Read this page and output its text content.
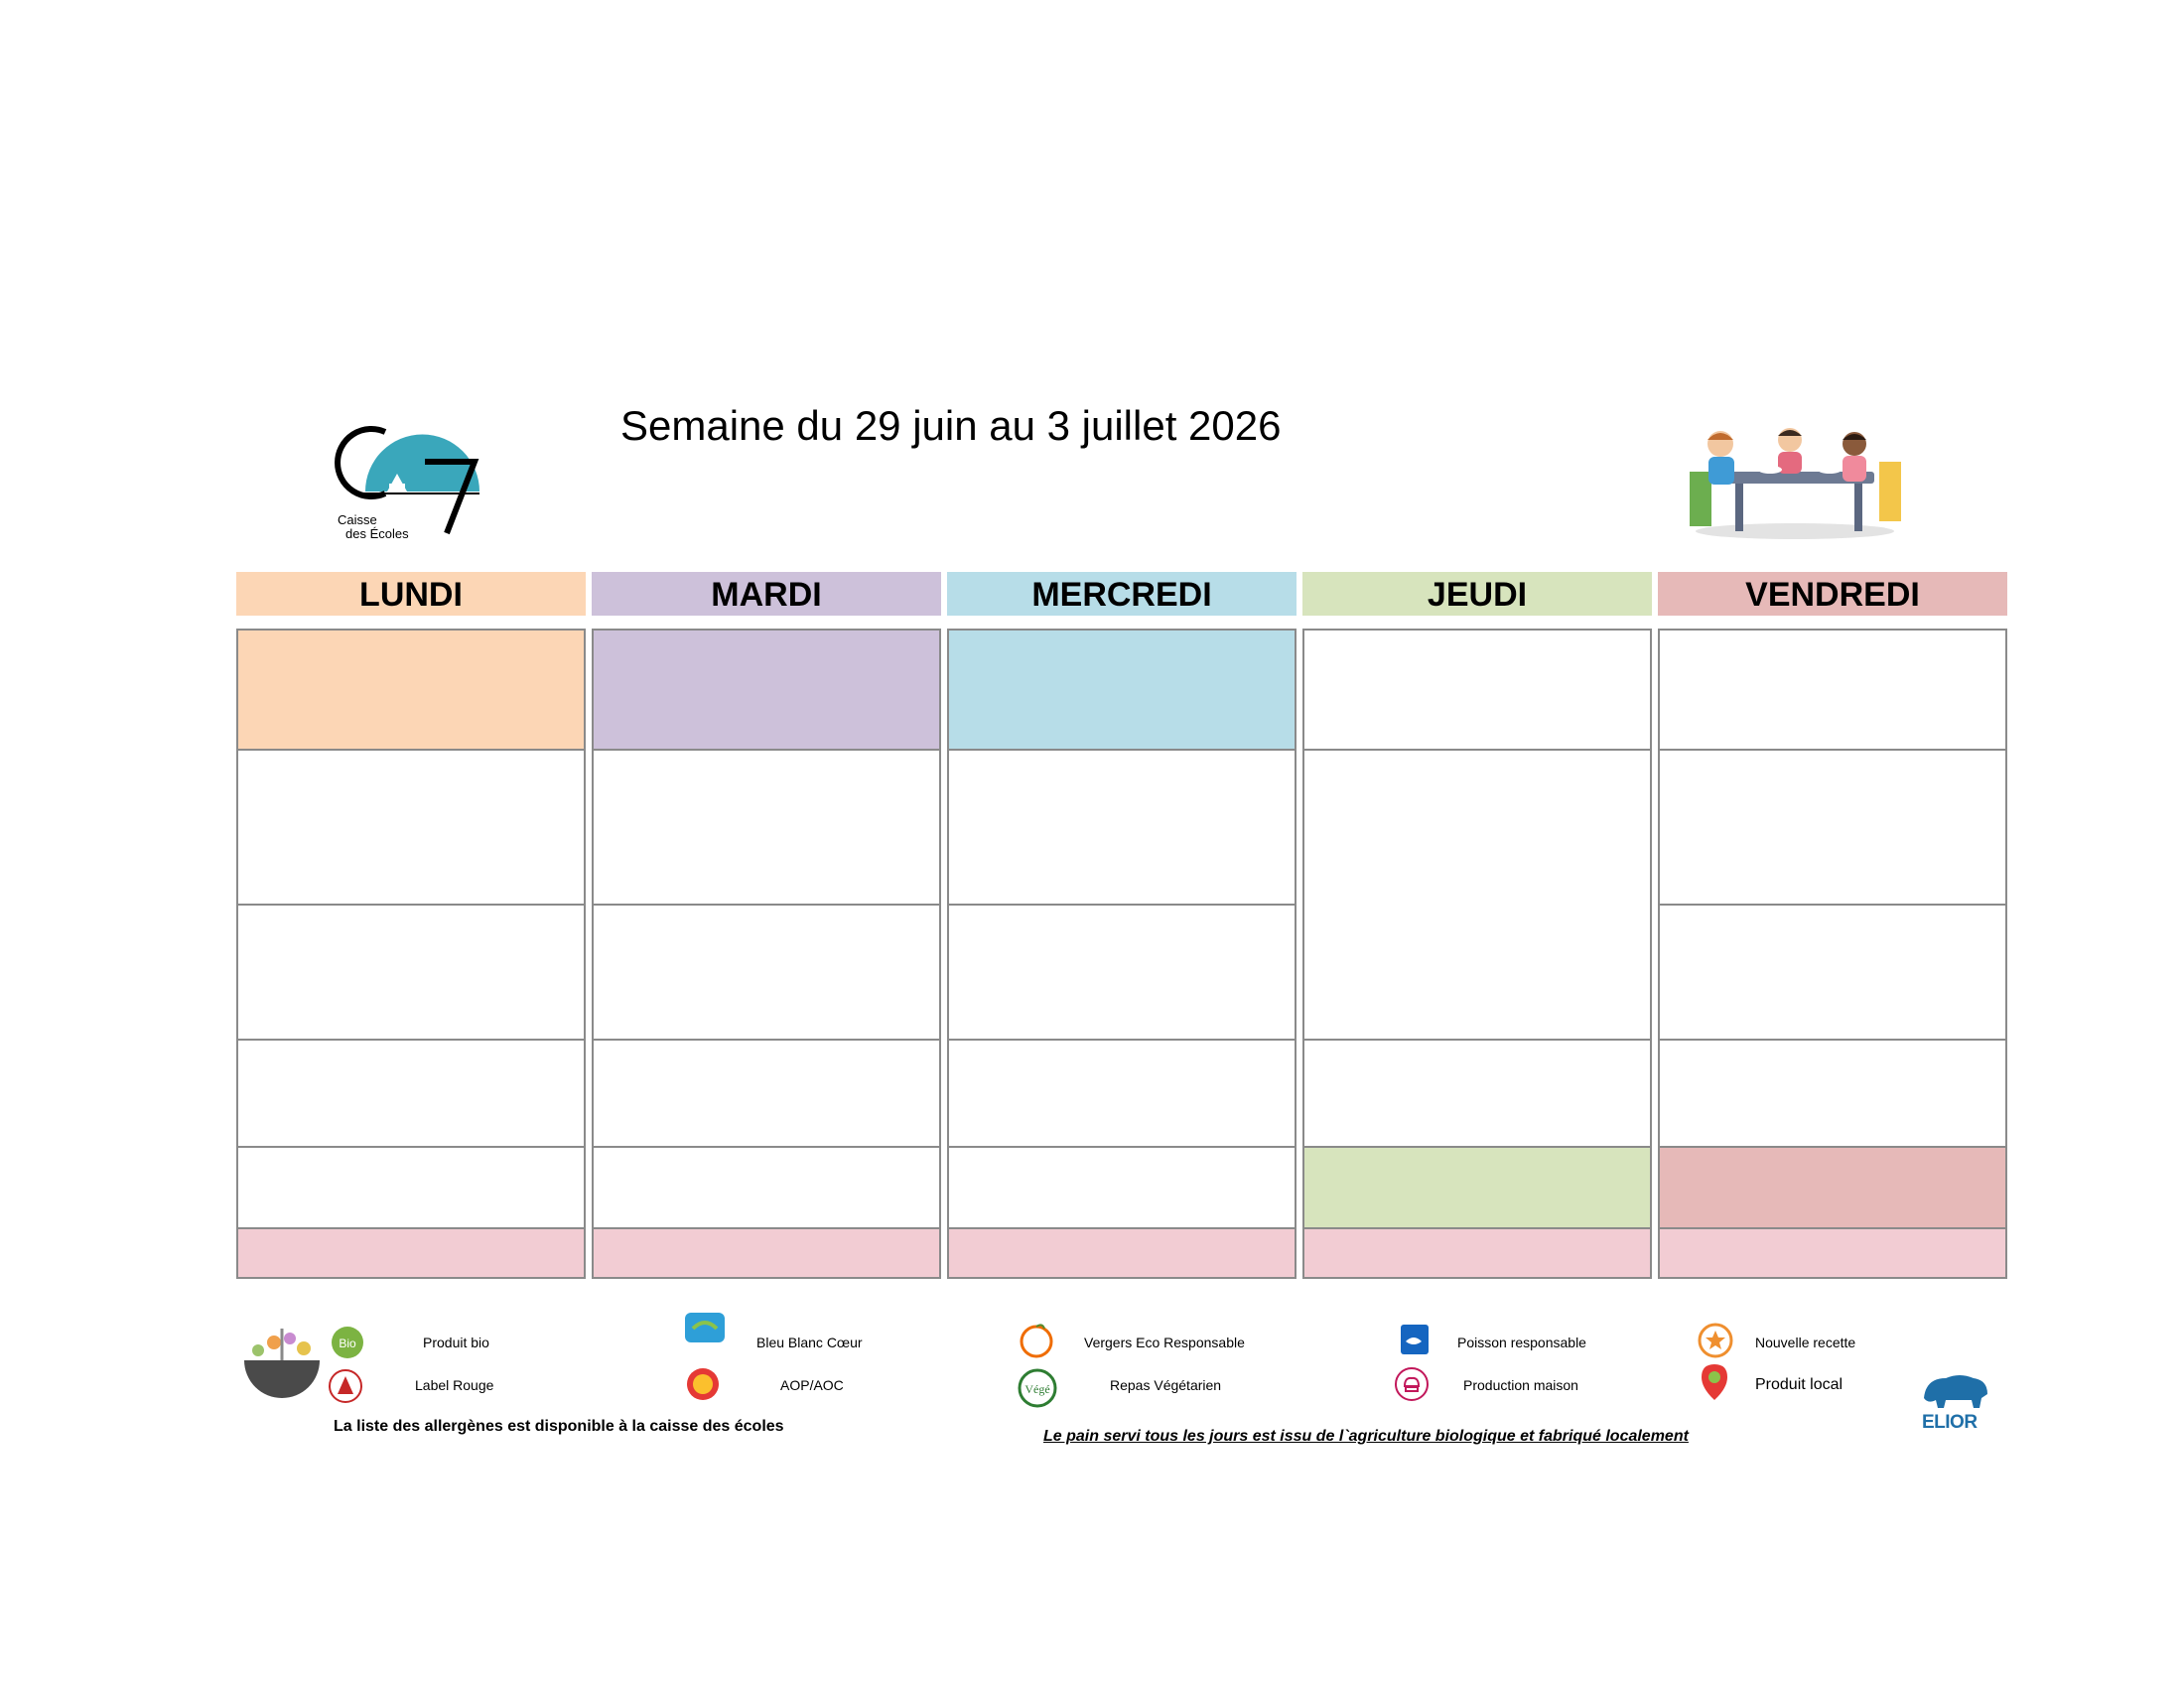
Semaine du 29 juin au 3 juillet 2026
Caisse
des Écoles
LUNDI	MARDI	MERCREDI	JEUDI	VENDREDI
Bio	Produit bio
Label Rouge
Bleu Blanc Cœur
AOP/AOC
Vergers Eco Responsable
Végé	Repas Végétarien
Poisson responsable
Production maison
Nouvelle recette
Produit local
La liste des allergènes est disponible à la caisse des écoles
Le pain servi tous les jours est issu de l`agriculture biologique et fabriqué localement
ELIOR
